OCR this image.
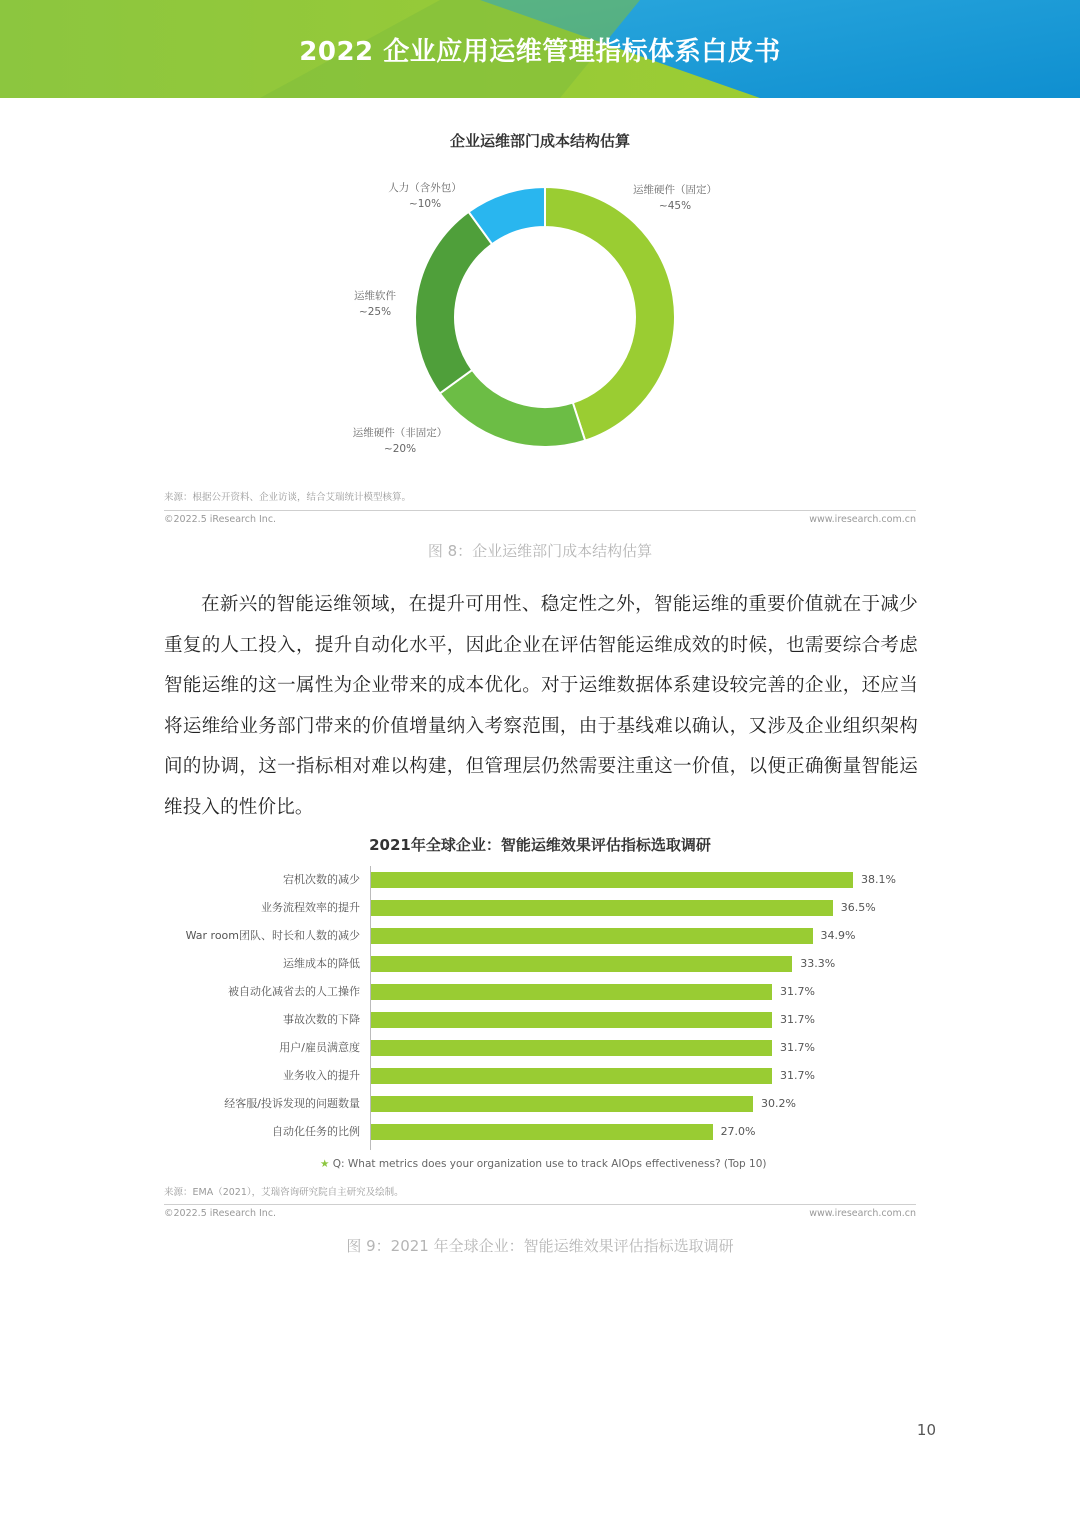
2022 企业应用运维管理指标体系白皮书
企业运维部门成本结构估算
运维硬件（固定）
~45%
人力（含外包）
~10%
运维软件
~25%
运维硬件（非固定）
~20%
来源：根据公开资料、企业访谈，结合艾瑞统计模型核算。
©2022.5 iResearch Inc.	www.iresearch.com.cn
图 8：企业运维部门成本结构估算
在新兴的智能运维领域，在提升可用性、稳定性之外，智能运维的重要价值就在于减少重复的人工投入，提升自动化水平，因此企业在评估智能运维成效的时候，也需要综合考虑智能运维的这一属性为企业带来的成本优化。对于运维数据体系建设较完善的企业，还应当将运维给业务部门带来的价值增量纳入考察范围，由于基线难以确认，又涉及企业组织架构间的协调，这一指标相对难以构建，但管理层仍然需要注重这一价值，以便正确衡量智能运维投入的性价比。
2021年全球企业：智能运维效果评估指标选取调研
宕机次数的减少	38.1%
业务流程效率的提升	36.5%
War room团队、时长和人数的减少	34.9%
运维成本的降低	33.3%
被自动化减省去的人工操作	31.7%
事故次数的下降	31.7%
用户/雇员满意度	31.7%
业务收入的提升	31.7%
经客服/投诉发现的问题数量	30.2%
自动化任务的比例	27.0%
★ Q: What metrics does your organization use to track AIOps effectiveness? (Top 10)
来源：EMA（2021），艾瑞咨询研究院自主研究及绘制。
©2022.5 iResearch Inc.	www.iresearch.com.cn
图 9：2021 年全球企业：智能运维效果评估指标选取调研
10
